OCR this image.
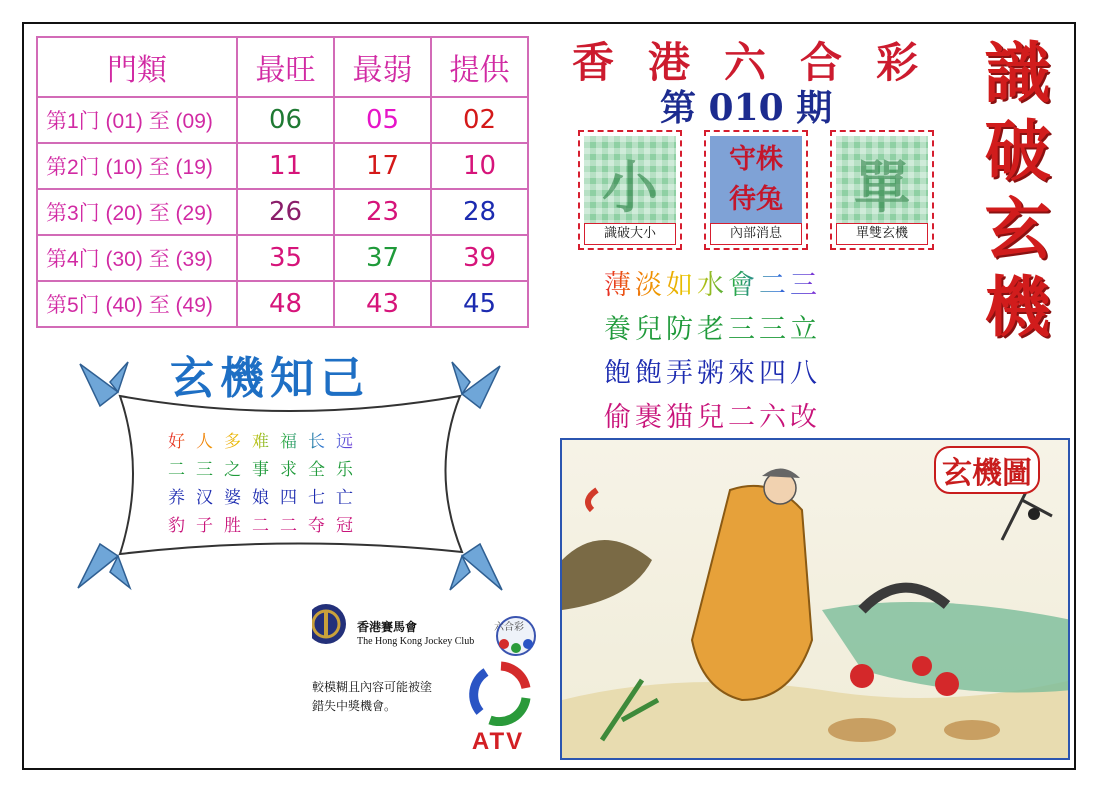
門類	最旺	最弱	提供
第1门 (01) 至 (09)	06	05	02
第2门 (10) 至 (19)	11	17	10
第3门 (20) 至 (29)	26	23	28
第4门 (30) 至 (39)	35	37	39
第5门 (40) 至 (49)	48	43	45
香 港 六 合 彩
第 010 期 識
破
玄
機
小
識破大小
守株
待兔
內部消息
單
單雙玄機
薄淡如水會二三
養兒防老三三立
飽飽弄粥來四八
偷裹猫兒二六改
玄機知己
好人多难福长远
二三之事求全乐
养汉婆娘四七亡
豹子胜二二夺冠
玄機圖
香港賽馬會
The Hong Kong Jockey Club
六合彩
較模糊且內容可能被塗
錯失中獎機會。
ATV
